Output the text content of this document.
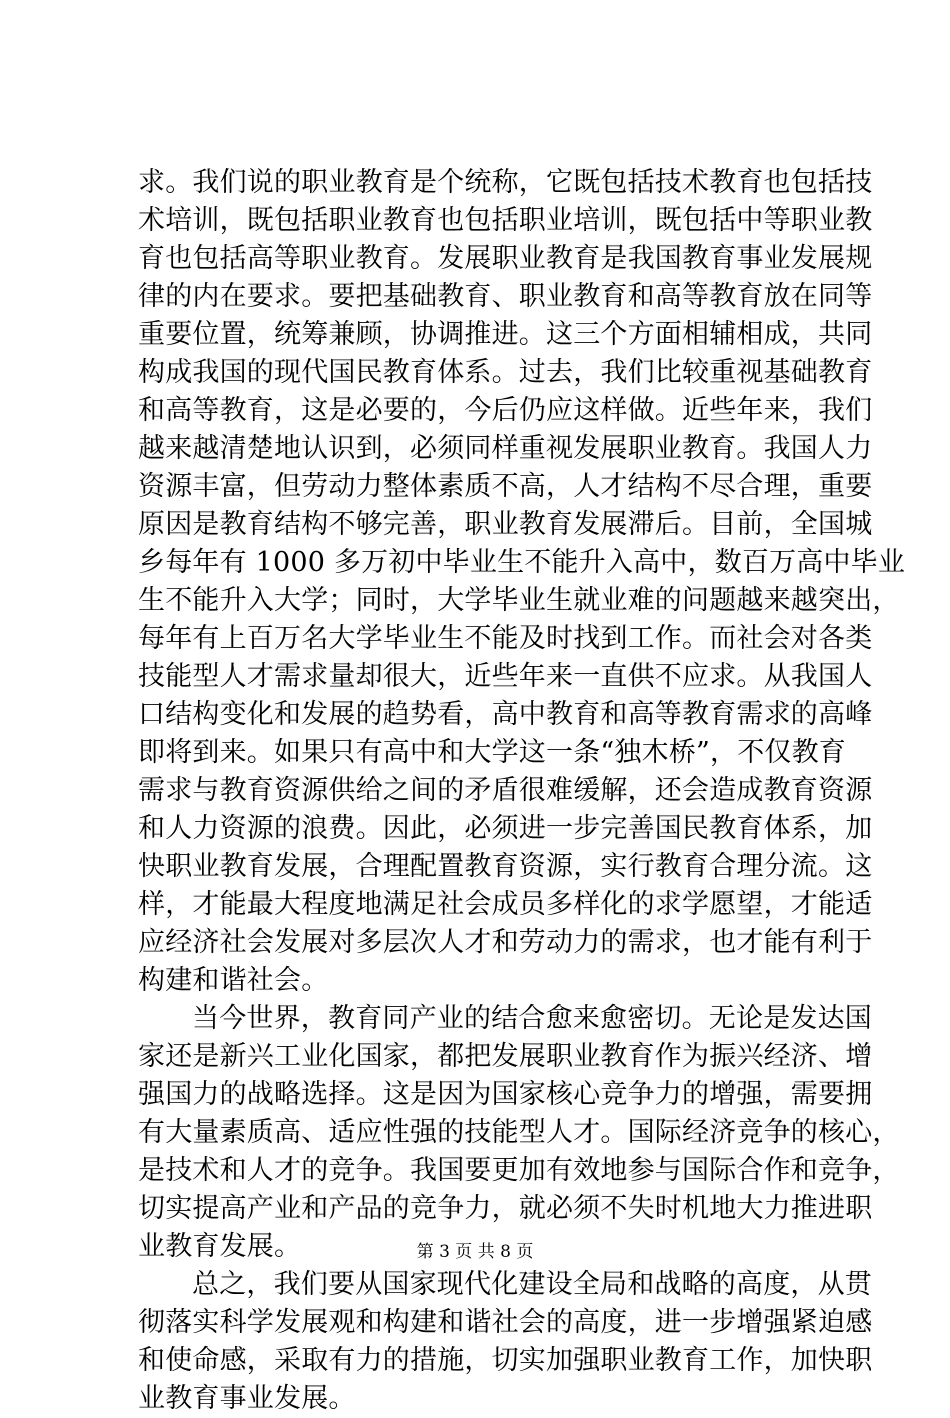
求。我们说的职业教育是个统称，它既包括技术教育也包括技
术培训，既包括职业教育也包括职业培训，既包括中等职业教
育也包括高等职业教育。发展职业教育是我国教育事业发展规
律的内在要求。要把基础教育、职业教育和高等教育放在同等
重要位置，统筹兼顾，协调推进。这三个方面相辅相成，共同
构成我国的现代国民教育体系。过去，我们比较重视基础教育
和高等教育，这是必要的，今后仍应这样做。近些年来，我们
越来越清楚地认识到，必须同样重视发展职业教育。我国人力
资源丰富，但劳动力整体素质不高，人才结构不尽合理，重要
原因是教育结构不够完善，职业教育发展滞后。目前，全国城
乡每年有 1000 多万初中毕业生不能升入高中，数百万高中毕业
生不能升入大学；同时，大学毕业生就业难的问题越来越突出，
每年有上百万名大学毕业生不能及时找到工作。而社会对各类
技能型人才需求量却很大，近些年来一直供不应求。从我国人
口结构变化和发展的趋势看，高中教育和高等教育需求的高峰
即将到来。如果只有高中和大学这一条“独木桥”，不仅教育
需求与教育资源供给之间的矛盾很难缓解，还会造成教育资源
和人力资源的浪费。因此，必须进一步完善国民教育体系，加
快职业教育发展，合理配置教育资源，实行教育合理分流。这
样，才能最大程度地满足社会成员多样化的求学愿望，才能适
应经济社会发展对多层次人才和劳动力的需求，也才能有利于
构建和谐社会。
当今世界，教育同产业的结合愈来愈密切。无论是发达国
家还是新兴工业化国家，都把发展职业教育作为振兴经济、增
强国力的战略选择。这是因为国家核心竞争力的增强，需要拥
有大量素质高、适应性强的技能型人才。国际经济竞争的核心，
是技术和人才的竞争。我国要更加有效地参与国际合作和竞争，
切实提高产业和产品的竞争力，就必须不失时机地大力推进职
业教育发展。
总之，我们要从国家现代化建设全局和战略的高度，从贯
彻落实科学发展观和构建和谐社会的高度，进一步增强紧迫感
和使命感，采取有力的措施，切实加强职业教育工作，加快职
业教育事业发展。
第 3 页 共 8 页
